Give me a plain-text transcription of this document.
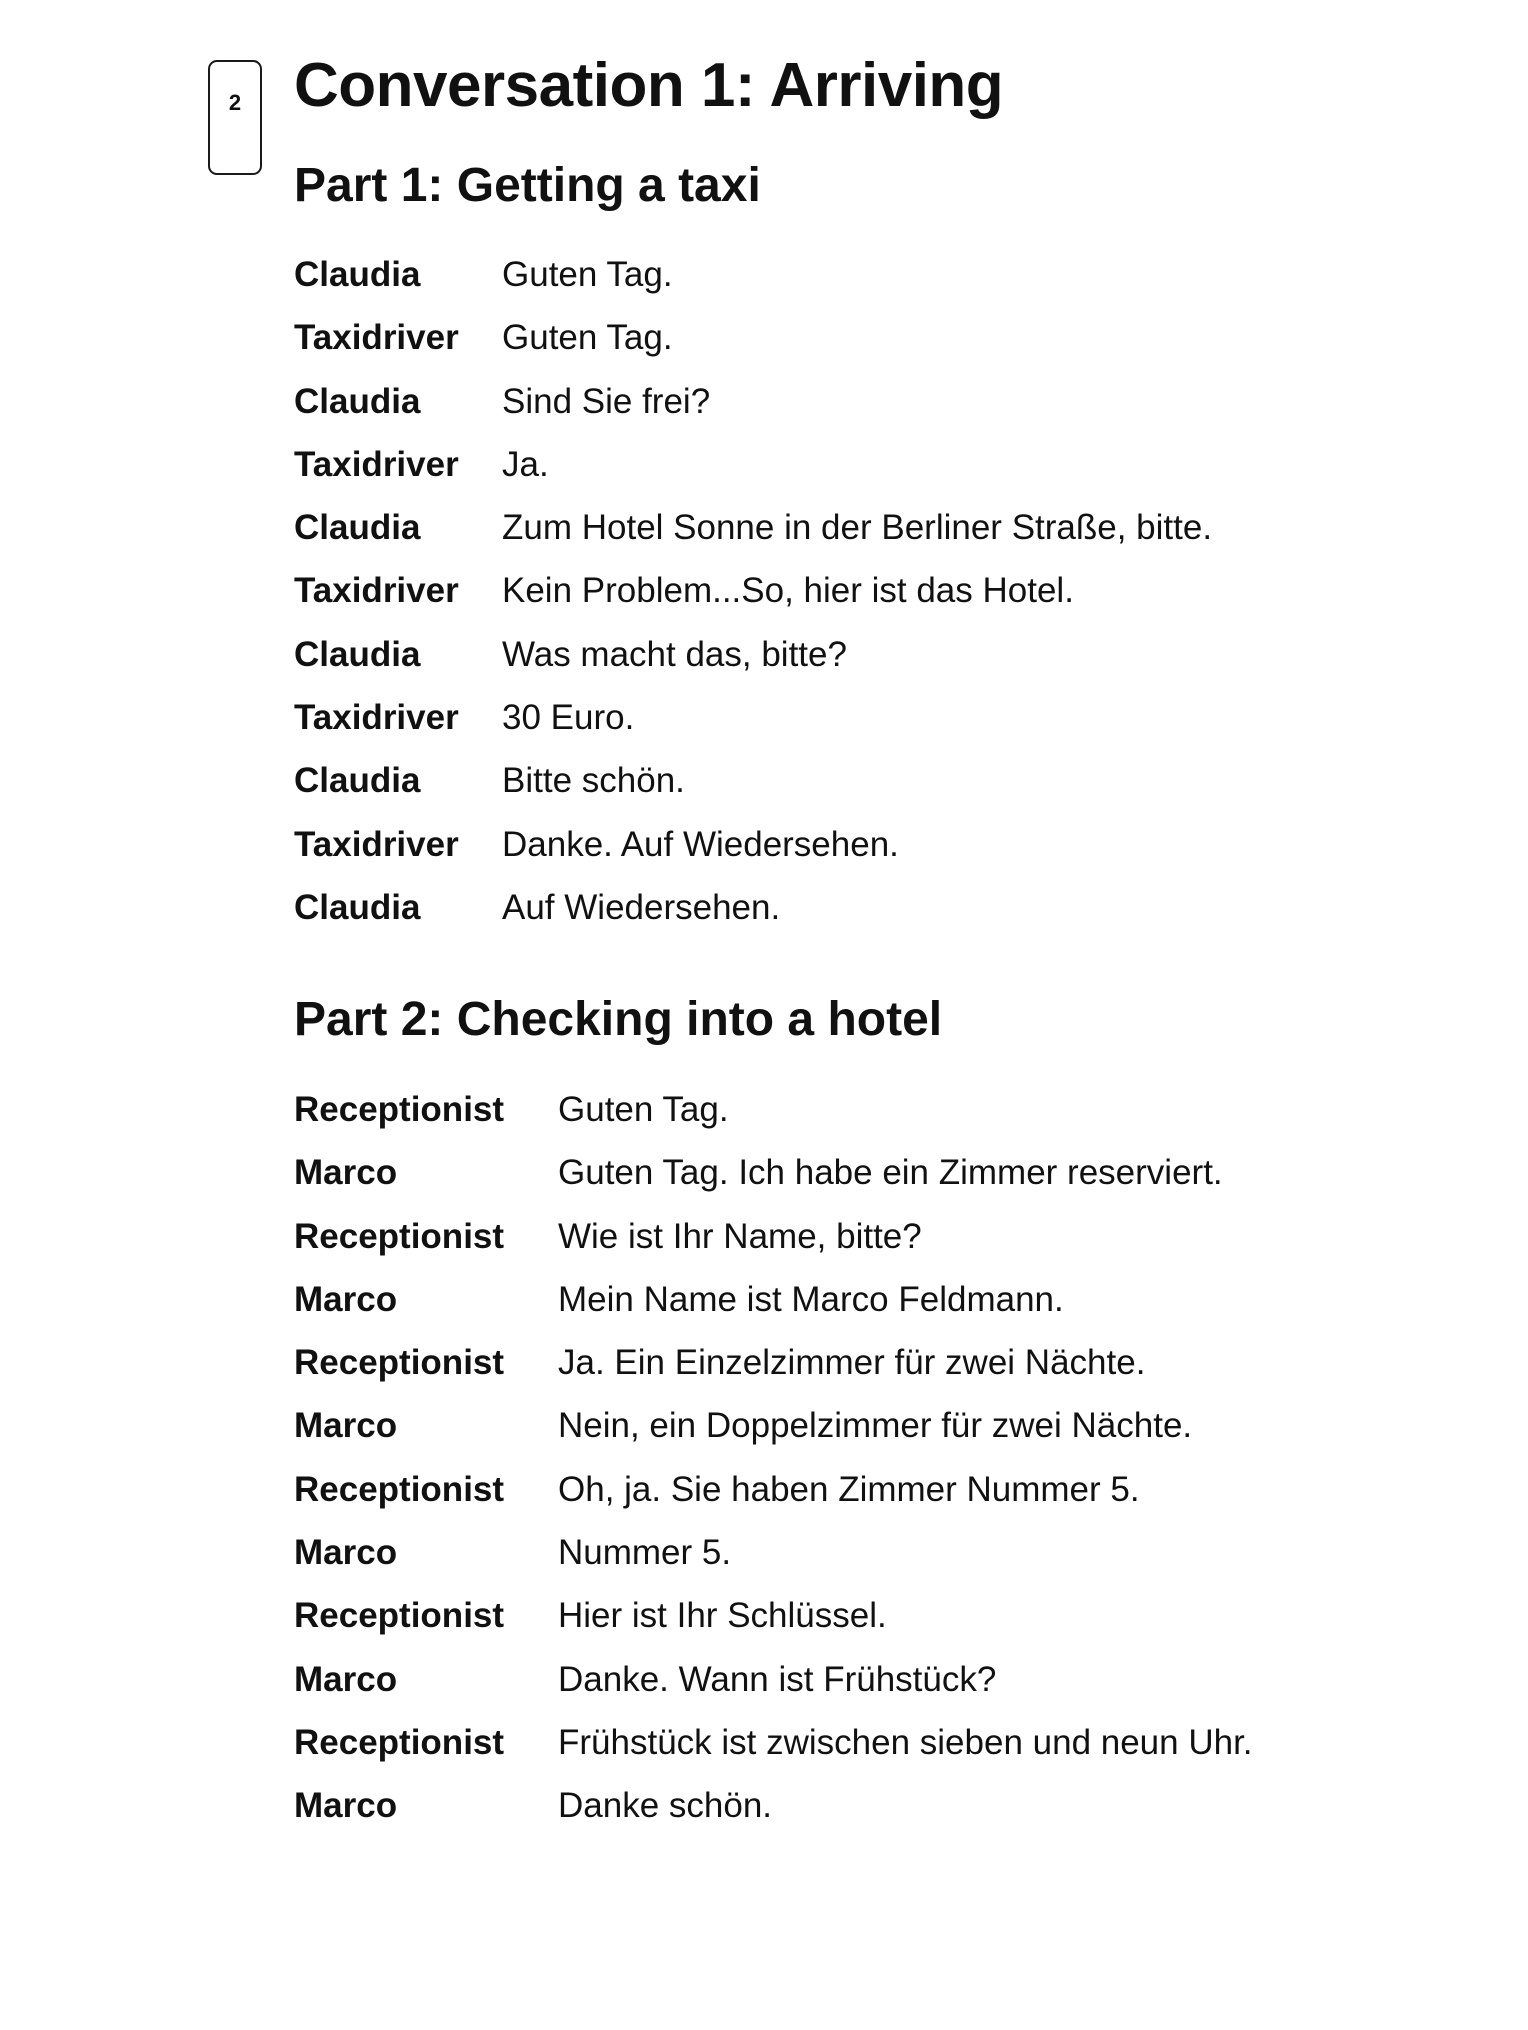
2 Conversation 1: Arriving
Part 1: Getting a taxi
Claudia Guten Tag.
Taxidriver Guten Tag.
Claudia Sind Sie frei?
Taxidriver Ja.
Claudia Zum Hotel Sonne in der Berliner Straße, bitte.
Taxidriver Kein Problem...So, hier ist das Hotel.
Claudia Was macht das, bitte?
Taxidriver 30 Euro.
Claudia Bitte schön.
Taxidriver Danke. Auf Wiedersehen.
Claudia Auf Wiedersehen.
Part 2: Checking into a hotel
Receptionist Guten Tag.
Marco	Guten Tag. Ich habe ein Zimmer reserviert.
Receptionist Wie ist Ihr Name, bitte?
Marco	Mein Name ist Marco Feldmann.
Receptionist Ja. Ein Einzelzimmer für zwei Nächte.
Marco	Nein, ein Doppelzimmer für zwei Nächte.
Receptionist Oh, ja. Sie haben Zimmer Nummer 5.
Marco	Nummer 5.
Receptionist Hier ist Ihr Schlüssel.
Marco	Danke. Wann ist Frühstück?
Receptionist Frühstück ist zwischen sieben und neun Uhr.
Marco	Danke schön.
